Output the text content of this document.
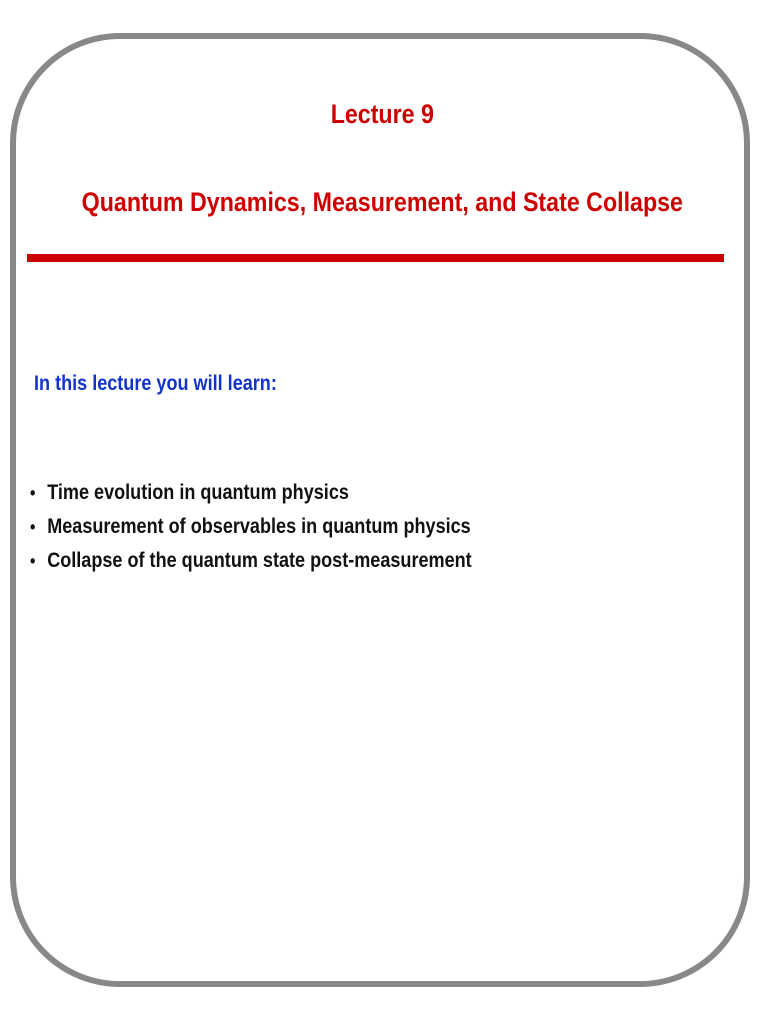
Lecture 9
Quantum Dynamics, Measurement, and State Collapse
In this lecture you will learn:
• Time evolution in quantum physics
• Measurement of observables in quantum physics
• Collapse of the quantum state post-measurement
